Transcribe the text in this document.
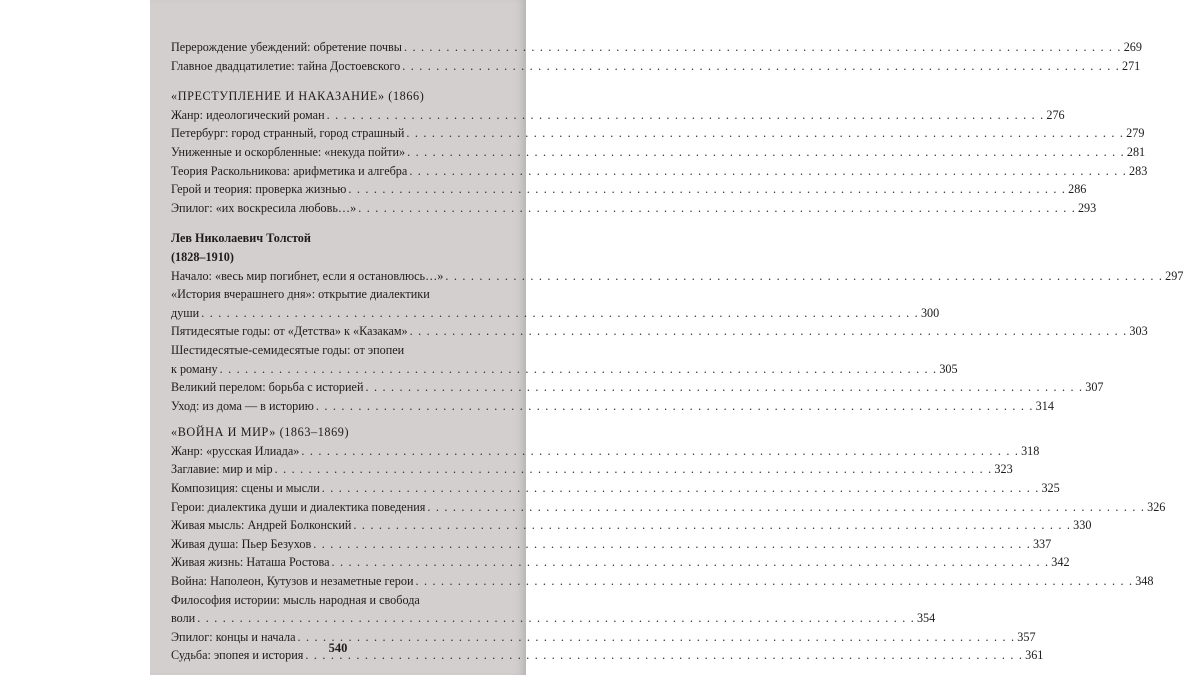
Перерождение убеждений: обретение почвы . . .	269
Главное двадцатилетие: тайна Достоевского . . .	271
«ПРЕСТУПЛЕНИЕ И НАКАЗАНИЕ» (1866)
Жанр: идеологический роман . . .	276
Петербург: город странный, город страшный . . .	279
Униженные и оскорбленные: «некуда пойти» . . .	281
Теория Раскольникова: арифметика и алгебра . . .	283
Герой и теория: проверка жизнью . . .	286
Эпилог: «их воскресила любовь…» . . .	293
Лев Николаевич Толстой
(1828–1910)
Начало: «весь мир погибнет, если я остановлюсь…» . . .	297
«История вчерашнего дня»: открытие диалектики
души . . .	300
Пятидесятые годы: от «Детства» к «Казакам» . . .	303
Шестидесятые-семидесятые годы: от эпопеи
к роману . . .	305
Великий перелом: борьба с историей . . .	307
Уход: из дома — в историю . . .	314
«ВОЙНА И МИР» (1863–1869)
Жанр: «русская Илиада» . . .	318
Заглавие: мир и мiр . . .	323
Композиция: сцены и мысли . . .	325
Герои: диалектика души и диалектика поведения . . .	326
Живая мысль: Андрей Болконский . . .	330
Живая душа: Пьер Безухов . . .	337
Живая жизнь: Наташа Ростова . . .	342
Война: Наполеон, Кутузов и незаметные герои . . .	348
Философия истории: мысль народная и свобода
воли . . .	354
Эпилог: концы и начала . . .	357
Судьба: эпопея и история . . .	361
540
